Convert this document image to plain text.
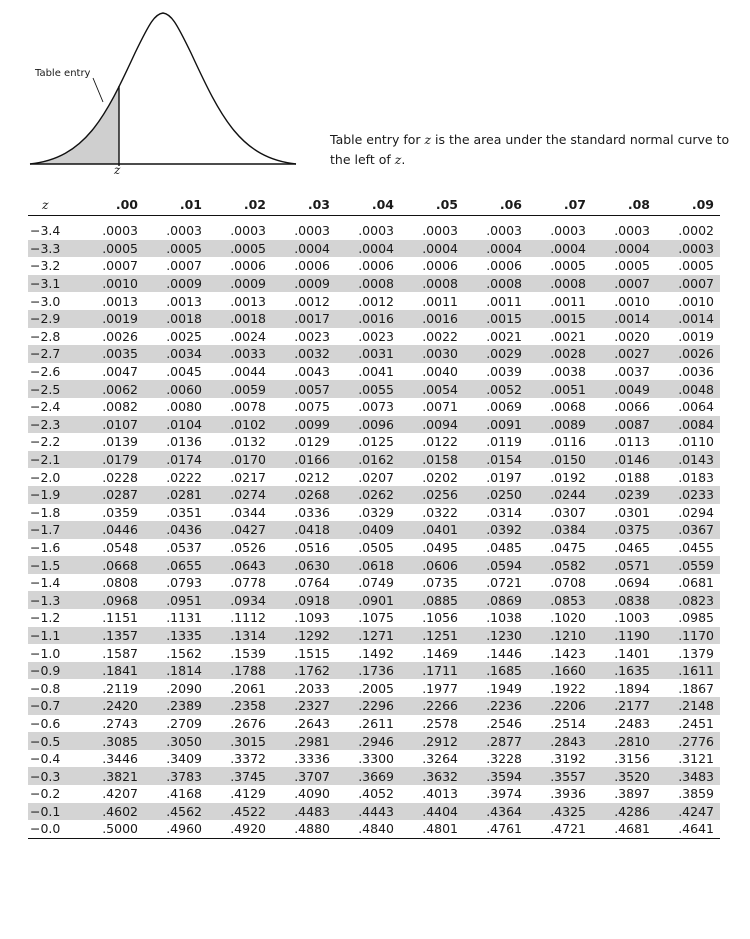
Table entry
z
Table entry for z is the area under the standard normal curve to the left of z.
z	.00	.01	.02	.03	.04	.05	.06	.07	.08	.09
−3.4	.0003	.0003	.0003	.0003	.0003	.0003	.0003	.0003	.0003	.0002
−3.3	.0005	.0005	.0005	.0004	.0004	.0004	.0004	.0004	.0004	.0003
−3.2	.0007	.0007	.0006	.0006	.0006	.0006	.0006	.0005	.0005	.0005
−3.1	.0010	.0009	.0009	.0009	.0008	.0008	.0008	.0008	.0007	.0007
−3.0	.0013	.0013	.0013	.0012	.0012	.0011	.0011	.0011	.0010	.0010
−2.9	.0019	.0018	.0018	.0017	.0016	.0016	.0015	.0015	.0014	.0014
−2.8	.0026	.0025	.0024	.0023	.0023	.0022	.0021	.0021	.0020	.0019
−2.7	.0035	.0034	.0033	.0032	.0031	.0030	.0029	.0028	.0027	.0026
−2.6	.0047	.0045	.0044	.0043	.0041	.0040	.0039	.0038	.0037	.0036
−2.5	.0062	.0060	.0059	.0057	.0055	.0054	.0052	.0051	.0049	.0048
−2.4	.0082	.0080	.0078	.0075	.0073	.0071	.0069	.0068	.0066	.0064
−2.3	.0107	.0104	.0102	.0099	.0096	.0094	.0091	.0089	.0087	.0084
−2.2	.0139	.0136	.0132	.0129	.0125	.0122	.0119	.0116	.0113	.0110
−2.1	.0179	.0174	.0170	.0166	.0162	.0158	.0154	.0150	.0146	.0143
−2.0	.0228	.0222	.0217	.0212	.0207	.0202	.0197	.0192	.0188	.0183
−1.9	.0287	.0281	.0274	.0268	.0262	.0256	.0250	.0244	.0239	.0233
−1.8	.0359	.0351	.0344	.0336	.0329	.0322	.0314	.0307	.0301	.0294
−1.7	.0446	.0436	.0427	.0418	.0409	.0401	.0392	.0384	.0375	.0367
−1.6	.0548	.0537	.0526	.0516	.0505	.0495	.0485	.0475	.0465	.0455
−1.5	.0668	.0655	.0643	.0630	.0618	.0606	.0594	.0582	.0571	.0559
−1.4	.0808	.0793	.0778	.0764	.0749	.0735	.0721	.0708	.0694	.0681
−1.3	.0968	.0951	.0934	.0918	.0901	.0885	.0869	.0853	.0838	.0823
−1.2	.1151	.1131	.1112	.1093	.1075	.1056	.1038	.1020	.1003	.0985
−1.1	.1357	.1335	.1314	.1292	.1271	.1251	.1230	.1210	.1190	.1170
−1.0	.1587	.1562	.1539	.1515	.1492	.1469	.1446	.1423	.1401	.1379
−0.9	.1841	.1814	.1788	.1762	.1736	.1711	.1685	.1660	.1635	.1611
−0.8	.2119	.2090	.2061	.2033	.2005	.1977	.1949	.1922	.1894	.1867
−0.7	.2420	.2389	.2358	.2327	.2296	.2266	.2236	.2206	.2177	.2148
−0.6	.2743	.2709	.2676	.2643	.2611	.2578	.2546	.2514	.2483	.2451
−0.5	.3085	.3050	.3015	.2981	.2946	.2912	.2877	.2843	.2810	.2776
−0.4	.3446	.3409	.3372	.3336	.3300	.3264	.3228	.3192	.3156	.3121
−0.3	.3821	.3783	.3745	.3707	.3669	.3632	.3594	.3557	.3520	.3483
−0.2	.4207	.4168	.4129	.4090	.4052	.4013	.3974	.3936	.3897	.3859
−0.1	.4602	.4562	.4522	.4483	.4443	.4404	.4364	.4325	.4286	.4247
−0.0	.5000	.4960	.4920	.4880	.4840	.4801	.4761	.4721	.4681	.4641
